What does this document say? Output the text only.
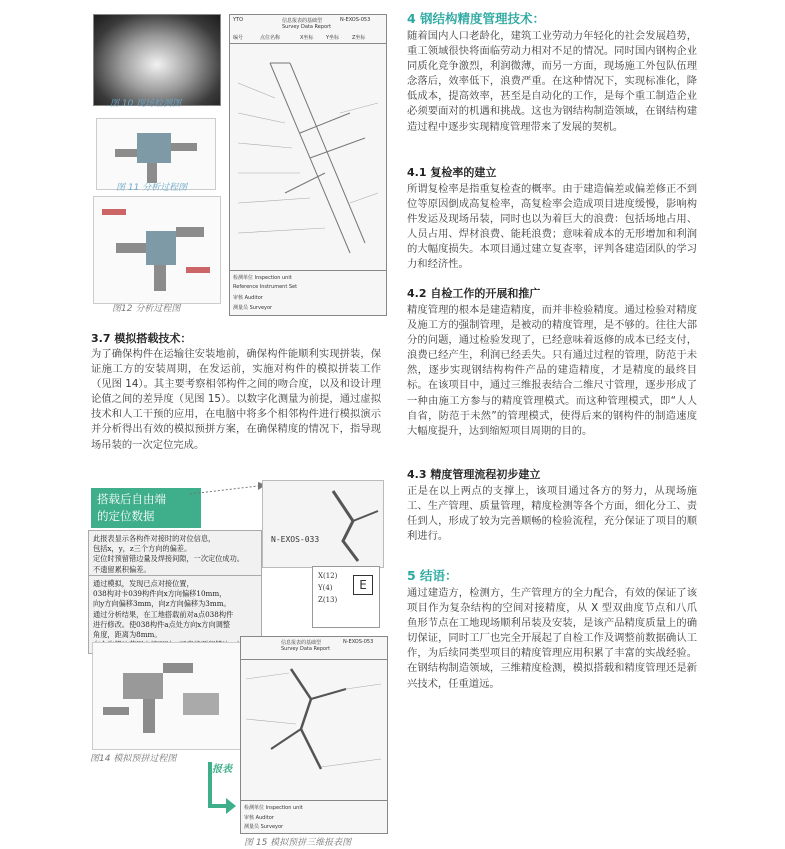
图 10 现场检测图
图 11 分析过程图
图12 分析过程图
YTO	信息报表的基础型
Survey Data Report
N-EXOS-053
编号	点位名称	X坐标	Y坐标	Z坐标
检测单位 Inspection unit
Reference Instrument Set
审核 Auditor
测量员 Surveyor
3.7 模拟搭载技术：
为了确保构件在运输往安装地前，确保构件能顺利实现拼装，保证施工方的安装周期，在发运前，实施对构件的模拟拼装工作（见图 14）。其主要考察相邻构件之间的吻合度，以及和设计理论值之间的差异度（见图 15）。以数字化测量为前提，通过虚拟技术和人工干预的应用，在电脑中将多个相邻构件进行模拟演示并分析得出有效的模拟预拼方案，在确保精度的情况下，指导现场吊装的一次定位完成。
搭载后自由端
的定位数据
N-EXOS-033
此报表显示各构件对接时的对位信息，
包括x，y，z三个方向的偏差。
定位时预留错边量及焊接间隙，一次定位成功。
不遗留累积偏差。
通过模拟，发现已点对接位置，
038构对卡039构件向x方向偏移10mm，
向y方向偏移3mm，向z方向偏移为3mm。
通过分析结果，在工地搭载前对a点038构件
进行修改。使038构件a点处方向x方向调整
角度，距离为8mm。
X(12)
Y(4)
Z(13)
E
图14 模拟预拼过程图
报表
信息报表的基础型
Survey Data Report
N-EXOS-053
检测单位 Inspection unit
审核 Auditor
测量员 Surveyor
图 15 模拟预拼三维报表图
4 钢结构精度管理技术：
随着国内人口老龄化，建筑工业劳动力年轻化的社会发展趋势，重工领域很快将面临劳动力相对不足的情况。同时国内钢构企业同质化竞争激烈，利润微薄，而另一方面，现场施工外包队伍理念落后，效率低下，浪费严重。在这种情况下，实现标准化，降低成本，提高效率，甚至是自动化的工作，是每个重工制造企业必须要面对的机遇和挑战。这也为钢结构制造领域，在钢结构建造过程中逐步实现精度管理带来了发展的契机。
4.1 复检率的建立
所谓复检率是指重复检查的概率。由于建造偏差或偏差修正不到位等原因倒成高复检率，高复检率会造成项目进度缓慢，影响构件发运及现场吊装，同时也以为着巨大的浪费：包括场地占用、人员占用、焊材浪费、能耗浪费；意味着成本的无形增加和利润的大幅度损失。本项目通过建立复查率，评判各建造团队的学习力和经济性。
4.2 自检工作的开展和推广
精度管理的根本是建造精度，而并非检验精度。通过检验对精度及施工方的强制管理，是被动的精度管理，是不够的。往往大部分的问题，通过检验发现了，已经意味着返修的成本已经支付，浪费已经产生，利润已经丢失。只有通过过程的管理，防范于未然，逐步实现钢结构构件产品的建造精度，才是精度的最终目标。在该项目中，通过三维报表结合二维尺寸管理，逐步形成了一种由施工方参与的精度管理模式。而这种管理模式，即“人人自省，防范于未然”的管理模式，使得后来的钢构件的制造速度大幅度提升，达到缩短项目周期的目的。
4.3 精度管理流程初步建立
正是在以上两点的支撑上，该项目通过各方的努力，从现场施工、生产管理、质量管理，精度检测等各个方面，细化分工、责任到人，形成了较为完善顺畅的检验流程，充分保证了项目的顺利进行。
5 结语：
通过建造方，检测方，生产管理方的全力配合，有效的保证了该项目作为复杂结构的空间对接精度，从 X 型双曲度节点和八爪鱼形节点在工地现场顺利吊装及安装，是该产品精度质量上的确切保证，同时工厂也完全开展起了自检工作及调整前数据确认工作，为后续同类型项目的精度管理应用积累了丰富的实战经验。在钢结构制造领域，三维精度检测，模拟搭载和精度管理还是新兴技术，任重道远。
